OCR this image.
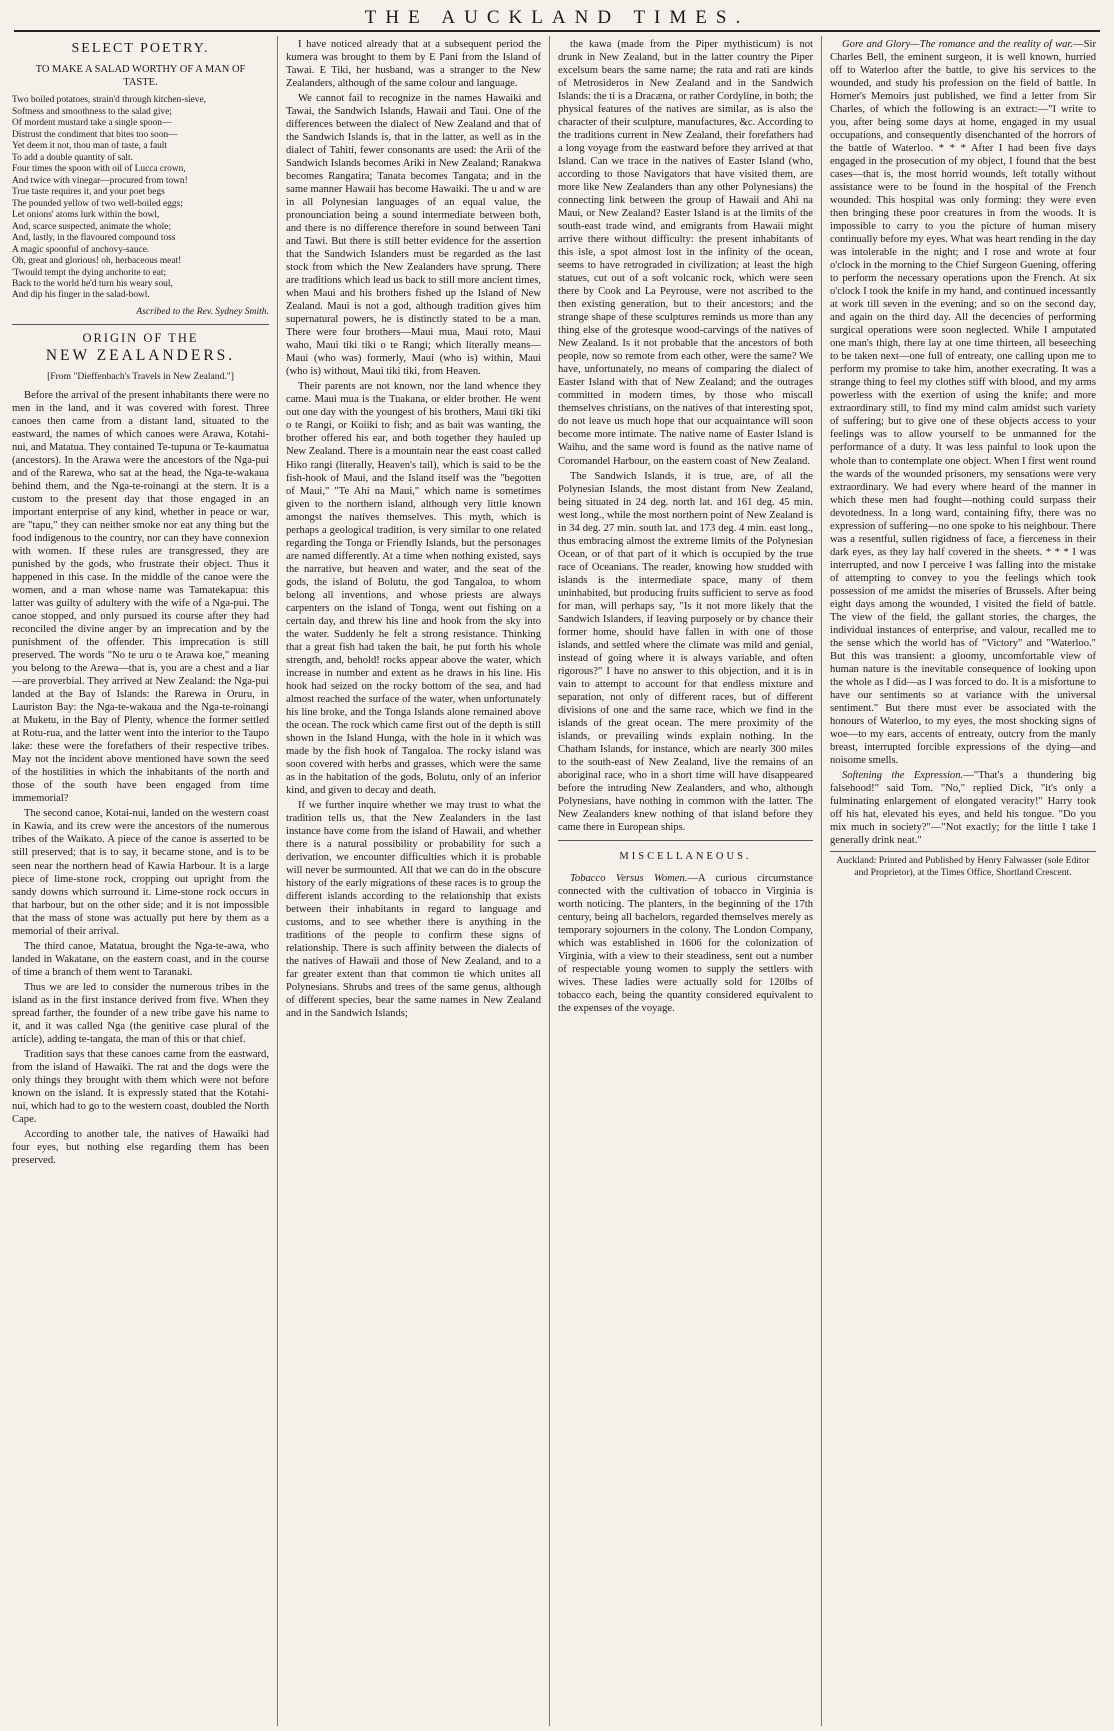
THE AUCKLAND TIMES.
SELECT POETRY.
TO MAKE A SALAD WORTHY OF A MAN OF TASTE.
Two boiled potatoes, strain'd through kitchen-sieve,
Softness and smoothness to the salad give;
Of mordent mustard take a single spoon—
Distrust the condiment that bites too soon—
Yet deem it not, thou man of taste, a fault
To add a double quantity of salt.
Four times the spoon with oil of Lucca crown,
And twice with vinegar—procured from town!
True taste requires it, and your poet begs
The pounded yellow of two well-boiled eggs;
Let onions' atoms lurk within the bowl,
And, scarce suspected, animate the whole;
And, lastly, in the flavoured compound toss
A magic spoonful of anchovy-sauce.
Oh, great and glorious! oh, herbaceous meat!
'Twould tempt the dying anchorite to eat;
Back to the world he'd turn his weary soul,
And dip his finger in the salad-bowl.
Ascribed to the Rev. Sydney Smith.
ORIGIN OF THE
NEW ZEALANDERS.
[From "Dieffenbach's Travels in New Zealand."]

Before the arrival of the present inhabitants there were no men in the land, and it was covered with forest. Three canoes then came from a distant land, situated to the eastward, the names of which canoes were Arawa, Kotahi-nui, and Matatua. They contained Te-tupuna or Te-kaumatua (ancestors). In the Arawa were the ancestors of the Nga-pui and of the Rarewa, who sat at the head, the Nga-te-wakaua behind them, and the Nga-te-roinangi at the stern. It is a custom to the present day that those engaged in an important enterprise of any kind, whether in peace or war, are "tapu," they can neither smoke nor eat any thing but the food indigenous to the country, nor can they have connexion with women. If these rules are transgressed, they are punished by the gods, who frustrate their object. Thus it happened in this case. In the middle of the canoe were the women, and a man whose name was Tamatekapua: this latter was guilty of adultery with the wife of a Nga-pui. The canoe stopped, and only pursued its course after they had reconciled the divine anger by an imprecation and by the punishment of the offender. This imprecation is still preserved. The words "No te uru o te Arawa koe," meaning you belong to the Arewa—that is, you are a chest and a liar—are proverbial. They arrived at New Zealand: the Nga-pui landed at the Bay of Islands: the Rarewa in Oruru, in Lauriston Bay: the Nga-te-wakaua and the Nga-te-roinangi at Muketu, in the Bay of Plenty, whence the former settled at Rotu-rua, and the latter went into the interior to the Taupo lake: these were the forefathers of their respective tribes. May not the incident above mentioned have sown the seed of the hostilities in which the inhabitants of the north and those of the south have been engaged from time immemorial?

The second canoe, Kotai-nui, landed on the western coast in Kawia, and its crew were the ancestors of the numerous tribes of the Waikato. A piece of the canoe is asserted to be still preserved; that is to say, it became stone, and is to be seen near the northern head of Kawia Harbour. It is a large piece of lime-stone rock, cropping out upright from the sandy downs which surround it. Lime-stone rock occurs in that harbour, but on the other side; and it is not impossible that the mass of stone was actually put here by them as a memorial of their arrival.

The third canoe, Matatua, brought the Nga-te-awa, who landed in Wakatane, on the eastern coast, and in the course of time a branch of them went to Taranaki.

Thus we are led to consider the numerous tribes in the island as in the first instance derived from five. When they spread farther, the founder of a new tribe gave his name to it, and it was called Nga (the genitive case plural of the article), adding te-tangata, the man of this or that chief.

Tradition says that these canoes came from the eastward, from the island of Hawaiki. The rat and the dogs were the only things they brought with them which were not before known on the island. It is expressly stated that the Kotahi-nui, which had to go to the western coast, doubled the North Cape.

According to another tale, the natives of Hawaiki had four eyes, but nothing else regarding them has been preserved.

I have noticed already that at a subsequent period the kumera was brought to them by E Pani from the Island of Tawai. E Tiki, her husband, was a stranger to the New Zealanders, although of the same colour and language.

We cannot fail to recognize in the names Hawaiki and Tawai, the Sandwich Islands, Hawaii and Taui. One of the differences between the dialect of New Zealand and that of the Sandwich Islands is, that in the latter, as well as in the dialect of Tahiti, fewer consonants are used: the Arii of the Sandwich Islands becomes Ariki in New Zealand; Ranakwa becomes Rangatira; Tanata becomes Tangata; and in the same manner Hawaii has become Hawaiki. The u and w are in all Polynesian languages of an equal value, the pronounciation being a sound intermediate between both, and there is no difference therefore in sound between Tani and Tawi. But there is still better evidence for the assertion that the Sandwich Islanders must be regarded as the last stock from which the New Zealanders have sprung. There are traditions which lead us back to still more ancient times, when Maui and his brothers fished up the Island of New Zealand. Maui is not a god, although tradition gives him supernatural powers, he is distinctly stated to be a man. There were four brothers—Maui mua, Maui roto, Maui waho, Maui tiki tiki o te Rangi; which literally means—Maui (who was) formerly, Maui (who is) within, Maui (who is) without, Maui tiki tiki, from Heaven.

Their parents are not known, nor the land whence they came. Maui mua is the Tuakana, or elder brother. He went out one day with the youngest of his brothers, Maui tiki tiki o te Rangi, or Koiiki to fish; and as bait was wanting, the brother offered his ear, and both together they hauled up New Zealand. There is a mountain near the east coast called Hiko rangi (literally, Heaven's tail), which is said to be the fish-hook of Maui, and the Island itself was the "begotten of Maui," "Te Ahi na Maui," which name is sometimes given to the northern island, although very little known amongst the natives themselves. This myth, which is perhaps a geological tradition, is very similar to one related regarding the Tonga or Friendly Islands, but the personages are named differently. At a time when nothing existed, says the narrative, but heaven and water, and the seat of the gods, the island of Bolutu, the god Tangaloa, to whom belong all inventions, and whose priests are always carpenters on the island of Tonga, went out fishing on a certain day, and threw his line and hook from the sky into the water. Suddenly he felt a strong resistance. Thinking that a great fish had taken the bait, he put forth his whole strength, and, behold! rocks appear above the water, which increase in number and extent as he draws in his line. His hook had seized on the rocky bottom of the sea, and had almost reached the surface of the water, when unfortunately his line broke, and the Tonga Islands alone remained above the ocean. The rock which came first out of the depth is still shown in the Island Hunga, with the hole in it which was made by the fish hook of Tangaloa. The rocky island was soon covered with herbs and grasses, which were the same as in the habitation of the gods, Bolutu, only of an inferior kind, and given to decay and death.

If we further inquire whether we may trust to what the tradition tells us, that the New Zealanders in the last instance have come from the island of Hawaii, and whether there is a natural possibility or probability for such a derivation, we encounter difficulties which it is probable will never be surmounted. All that we can do in the obscure history of the early migrations of these races is to group the different islands according to the relationship that exists between their inhabitants in regard to language and customs, and to see whether there is anything in the traditions of the people to confirm these signs of relationship. There is such affinity between the dialects of the natives of Hawaii and those of New Zealand, and to a far greater extent than that common tie which unites all Polynesians. Shrubs and trees of the same genus, although of different species, bear the same names in New Zealand and in the Sandwich Islands;

the kawa (made from the Piper mythisticum) is not drunk in New Zealand, but in the latter country the Piper excelsum bears the same name; the rata and rati are kinds of Metrosideros in New Zealand and in the Sandwich Islands: the ti is a Dracæna, or rather Cordyline, in both; the physical features of the natives are similar, as is also the character of their sculpture, manufactures, &c. According to the traditions current in New Zealand, their forefathers had a long voyage from the eastward before they arrived at that Island. Can we trace in the natives of Easter Island (who, according to those Navigators that have visited them, are more like New Zealanders than any other Polynesians) the connecting link between the group of Hawaii and Ahi na Maui, or New Zealand? Easter Island is at the limits of the south-east trade wind, and emigrants from Hawaii might arrive there without difficulty: the present inhabitants of this isle, a spot almost lost in the infinity of the ocean, seems to have retrograded in civilization; at least the high statues, cut out of a soft volcanic rock, which were seen there by Cook and La Peyrouse, were not ascribed to the then existing generation, but to their ancestors; and the strange shape of these sculptures reminds us more than any thing else of the grotesque wood-carvings of the natives of New Zealand. Is it not probable that the ancestors of both people, now so remote from each other, were the same? We have, unfortunately, no means of comparing the dialect of Easter Island with that of New Zealand; and the outrages committed in modern times, by those who miscall themselves christians, on the natives of that interesting spot, do not leave us much hope that our acquaintance will soon become more intimate. The native name of Easter Island is Waihu, and the same word is found as the native name of Coromandel Harbour, on the eastern coast of New Zealand.

The Sandwich Islands, it is true, are, of all the Polynesian Islands, the most distant from New Zealand, being situated in 24 deg. north lat. and 161 deg. 45 min. west long., while the most northern point of New Zealand is in 34 deg. 27 min. south lat. and 173 deg. 4 min. east long., thus embracing almost the extreme limits of the Polynesian Ocean, or of that part of it which is occupied by the true race of Oceanians. The reader, knowing how studded with islands is the intermediate space, many of them uninhabited, but producing fruits sufficient to serve as food for man, will perhaps say, "Is it not more likely that the Sandwich Islanders, if leaving purposely or by chance their former home, should have fallen in with one of those islands, and settled where the climate was mild and genial, instead of going where it is always variable, and often rigorous?" I have no answer to this objection, and it is in vain to attempt to account for that endless mixture and separation, not only of different races, but of different divisions of one and the same race, which we find in the islands of the great ocean. The mere proximity of the islands, or prevailing winds explain nothing. In the Chatham Islands, for instance, which are nearly 300 miles to the south-east of New Zealand, live the remains of an aboriginal race, who in a short time will have disappeared before the intruding New Zealanders, and who, although Polynesians, have nothing in common with the latter. The New Zealanders knew nothing of that island before they came there in European ships.

MISCELLANEOUS.

Tobacco Versus Women.—A curious circumstance connected with the cultivation of tobacco in Virginia is worth noticing. The planters, in the beginning of the 17th century, being all bachelors, regarded themselves merely as temporary sojourners in the colony. The London Company, which was established in 1606 for the colonization of Virginia, with a view to their steadiness, sent out a number of respectable young women to supply the settlers with wives. These ladies were actually sold for 120lbs of tobacco each, being the quantity considered equivalent to the expenses of the voyage.

Gore and Glory—The romance and the reality of war.—Sir Charles Bell, the eminent surgeon, it is well known, hurried off to Waterloo after the battle, to give his services to the wounded, and study his profession on the field of battle. In Horner's Memoirs just published, we find a letter from Sir Charles, of which the following is an extract:—"I write to you, after being some days at home, engaged in my usual occupations, and consequently disenchanted of the horrors of the battle of Waterloo. * * * After I had been five days engaged in the prosecution of my object, I found that the best cases—that is, the most horrid wounds, left totally without assistance were to be found in the hospital of the French wounded. This hospital was only forming: they were even then bringing these poor creatures in from the woods. It is impossible to carry to you the picture of human misery continually before my eyes. What was heart rending in the day was intolerable in the night; and I rose and wrote at four o'clock in the morning to the Chief Surgeon Guening, offering to perform the necessary operations upon the French. At six o'clock I took the knife in my hand, and continued incessantly at work till seven in the evening; and so on the second day, and again on the third day. All the decencies of performing surgical operations were soon neglected. While I amputated one man's thigh, there lay at one time thirteen, all beseeching to be taken next—one full of entreaty, one calling upon me to perform my promise to take him, another execrating. It was a strange thing to feel my clothes stiff with blood, and my arms powerless with the exertion of using the knife; and more extraordinary still, to find my mind calm amidst such variety of suffering; but to give one of these objects access to your feelings was to allow yourself to be unmanned for the performance of a duty. It was less painful to look upon the whole than to contemplate one object. When I first went round the wards of the wounded prisoners, my sensations were very extraordinary. We had every where heard of the manner in which these men had fought—nothing could surpass their devotedness. In a long ward, containing fifty, there was no expression of suffering—no one spoke to his neighbour. There was a resentful, sullen rigidness of face, a fierceness in their dark eyes, as they lay half covered in the sheets. * * * I was interrupted, and now I perceive I was falling into the mistake of attempting to convey to you the feelings which took possession of me amidst the miseries of Brussels. After being eight days among the wounded, I visited the field of battle. The view of the field, the gallant stories, the charges, the individual instances of enterprise, and valour, recalled me to the sense which the world has of "Victory" and "Waterloo." But this was transient: a gloomy, uncomfortable view of human nature is the inevitable consequence of looking upon the whole as I did—as I was forced to do. It is a misfortune to have our sentiments so at variance with the universal sentiment." But there must ever be associated with the honours of Waterloo, to my eyes, the most shocking signs of woe—to my ears, accents of entreaty, outcry from the manly breast, interrupted forcible expressions of the dying—and noisome smells.

Softening the Expression.—"That's a thundering big falsehood!" said Tom. "No," replied Dick, "it's only a fulminating enlargement of elongated veracity!" Harry took off his hat, elevated his eyes, and held his tongue. "Do you mix much in society?"—"Not exactly; for the little I take I generally drink neat."

Auckland: Printed and Published by Henry Falwasser (sole Editor and Proprietor), at the Times Office, Shortland Crescent.
